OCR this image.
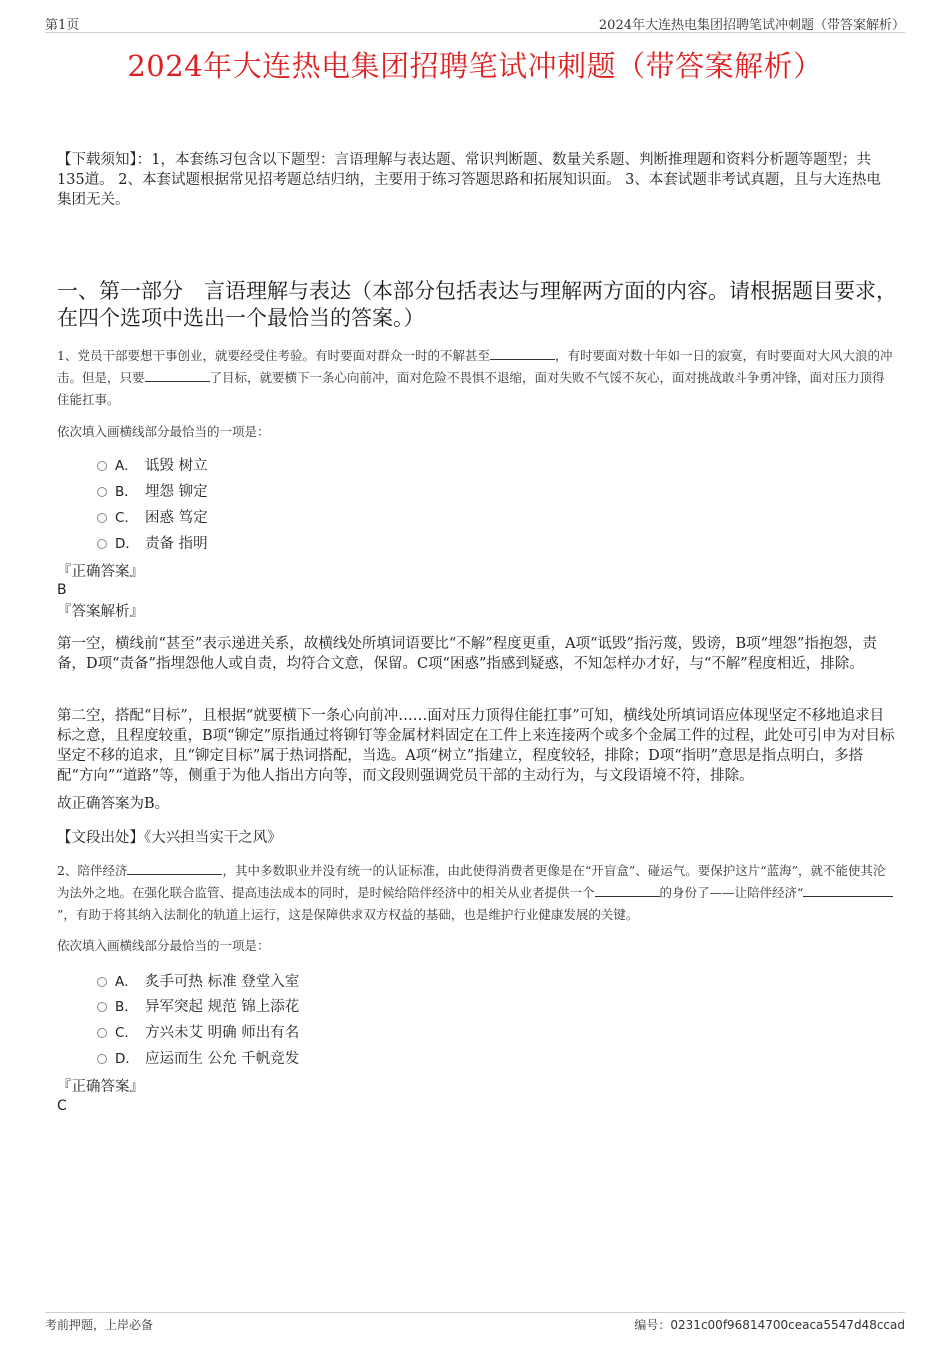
第1页	2024年大连热电集团招聘笔试冲刺题（带答案解析）
2024年大连热电集团招聘笔试冲刺题（带答案解析）
【下载须知】：1，本套练习包含以下题型：言语理解与表达题、常识判断题、数量关系题、判断推理题和资料分析题等题型；共135道。 2、本套试题根据常见招考题总结归纳，主要用于练习答题思路和拓展知识面。 3、本套试题非考试真题，且与大连热电集团无关。
一、第一部分　言语理解与表达（本部分包括表达与理解两方面的内容。请根据题目要求，在四个选项中选出一个最恰当的答案。）
1、党员干部要想干事创业，就要经受住考验。有时要面对群众一时的不解甚至	，有时要面对数十年如一日的寂寞，有时要面对大风大浪的冲击。但是，只要	了目标，就要横下一条心向前冲，面对危险不畏惧不退缩，面对失败不气馁不灰心，面对挑战敢斗争勇冲锋，面对压力顶得住能扛事。
依次填入画横线部分最恰当的一项是：
A． 诋毁 树立
B． 埋怨 铆定
C． 困惑 笃定
D． 责备 指明
『正确答案』
B
『答案解析』
第一空，横线前“甚至”表示递进关系，故横线处所填词语要比“不解”程度更重，A项“诋毁”指污蔑，毁谤，B项“埋怨”指抱怨，责备，D项“责备”指埋怨他人或自责，均符合文意，保留。C项“困惑”指感到疑惑，不知怎样办才好，与“不解”程度相近，排除。
第二空，搭配“目标”，且根据“就要横下一条心向前冲……面对压力顶得住能扛事”可知，横线处所填词语应体现坚定不移地追求目标之意，且程度较重，B项“铆定”原指通过将铆钉等金属材料固定在工件上来连接两个或多个金属工件的过程，此处可引申为对目标坚定不移的追求，且“铆定目标”属于热词搭配，当选。A项“树立”指建立，程度较轻，排除；D项“指明”意思是指点明白，多搭配“方向”“道路”等，侧重于为他人指出方向等，而文段则强调党员干部的主动行为，与文段语境不符，排除。
故正确答案为B。
【文段出处】《大兴担当实干之风》
2、陪伴经济	，其中多数职业并没有统一的认证标准，由此使得消费者更像是在“开盲盒”、碰运气。要保护这片“蓝海”，就不能使其沦为法外之地。在强化联合监管、提高违法成本的同时，是时候给陪伴经济中的相关从业者提供一个	的身份了——让陪伴经济“”，有助于将其纳入法制化的轨道上运行，这是保障供求双方权益的基础，也是维护行业健康发展的关键。
依次填入画横线部分最恰当的一项是：
A． 炙手可热 标准 登堂入室
B． 异军突起 规范 锦上添花
C． 方兴未艾 明确 师出有名
D． 应运而生 公允 千帆竞发
『正确答案』
C
考前押题，上岸必备	编号：0231c00f96814700ceaca5547d48ccad
